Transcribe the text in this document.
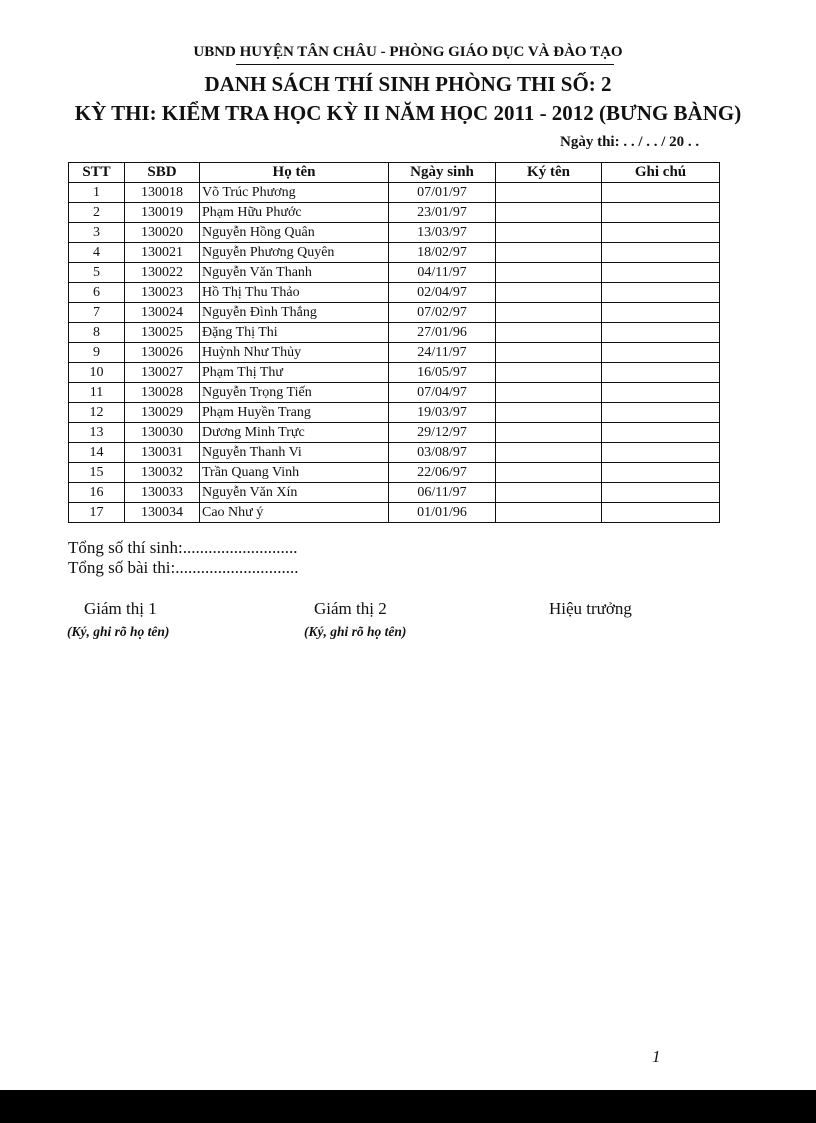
UBND HUYỆN TÂN CHÂU - PHÒNG GIÁO DỤC VÀ ĐÀO TẠO
DANH SÁCH THÍ SINH PHÒNG THI SỐ: 2
KỲ THI: KIỂM TRA HỌC KỲ II NĂM HỌC 2011 - 2012 (BƯNG BÀNG)
Ngày thi: . . / . . / 20 . .
STT	SBD	Họ tên	Ngày sinh	Ký tên	Ghi chú
1	130018	Võ Trúc Phương	07/01/97		
2	130019	Phạm Hữu Phước	23/01/97		
3	130020	Nguyễn Hồng Quân	13/03/97		
4	130021	Nguyễn Phương Quyên	18/02/97		
5	130022	Nguyễn Văn Thanh	04/11/97		
6	130023	Hồ Thị Thu Thảo	02/04/97		
7	130024	Nguyễn Đình Thắng	07/02/97		
8	130025	Đặng Thị Thi	27/01/96		
9	130026	Huỳnh Như Thủy	24/11/97		
10	130027	Phạm Thị Thư	16/05/97		
11	130028	Nguyễn Trọng Tiến	07/04/97		
12	130029	Phạm Huyền Trang	19/03/97		
13	130030	Dương Minh Trực	29/12/97		
14	130031	Nguyễn Thanh Vi	03/08/97		
15	130032	Trần Quang Vinh	22/06/97		
16	130033	Nguyễn Văn Xín	06/11/97		
17	130034	Cao Như ý	01/01/96		
Tổng số thí sinh:...........................
Tổng số bài thi:.............................
Giám thị 1
(Ký, ghi rõ họ tên)
Giám thị 2
(Ký, ghi rõ họ tên)
Hiệu trưởng
1
